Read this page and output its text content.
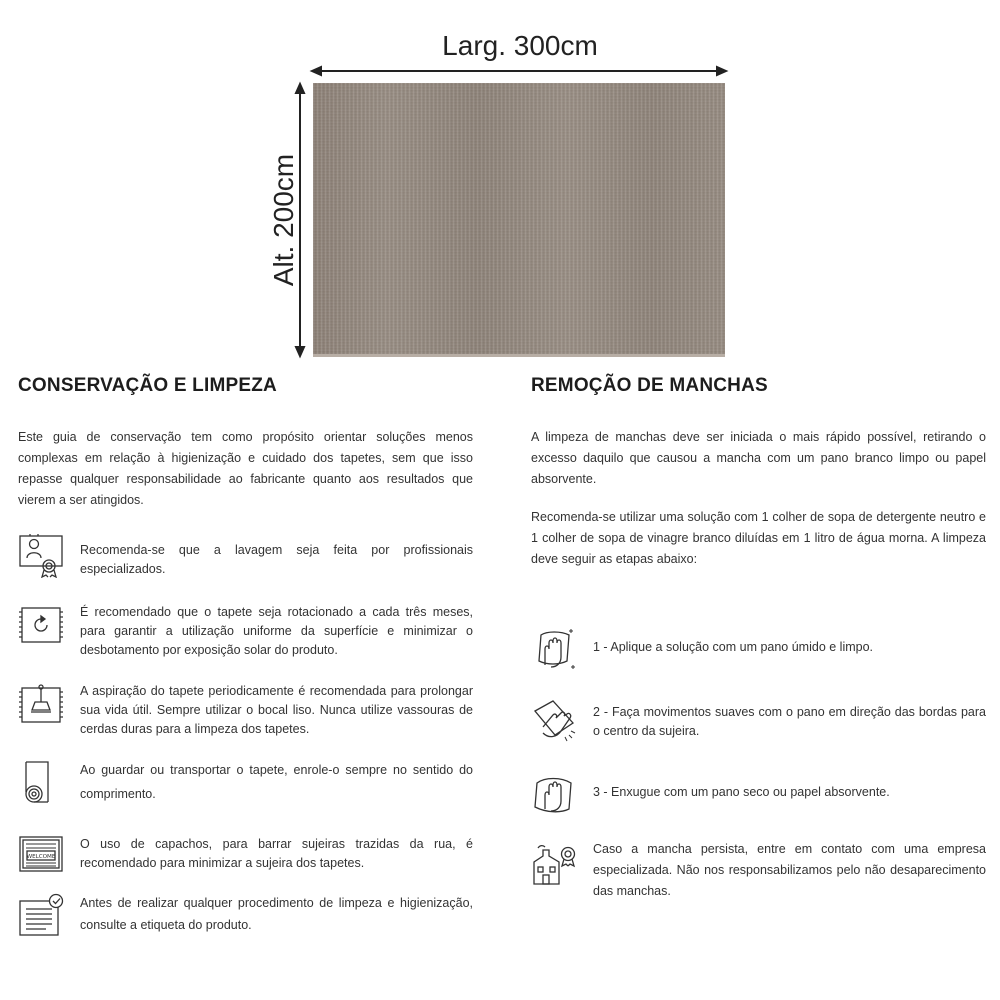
Larg. 300cm
Alt. 200cm
CONSERVAÇÃO E LIMPEZA

Este guia de conservação tem como propósito orientar soluções menos complexas em relação à higienização e cuidado dos tapetes, sem que isso repasse qualquer responsabilidade ao fabricante quanto aos resultados que vierem a ser atingidos.

Recomenda-se que a lavagem seja feita por profissionais especializados.
É recomendado que o tapete seja rotacionado a cada três meses, para garantir a utilização uniforme da superfície e minimizar o desbotamento por exposição solar do produto.
A aspiração do tapete periodicamente é recomendada para prolongar sua vida útil. Sempre utilizar o bocal liso. Nunca utilize vassouras de cerdas duras para a limpeza dos tapetes.
Ao guardar ou transportar o tapete, enrole-o sempre no sentido do comprimento.
WELCOME
O uso de capachos, para barrar sujeiras trazidas da rua, é recomendado para minimizar a sujeira dos tapetes.
Antes de realizar qualquer procedimento de limpeza e higienização, consulte a etiqueta do produto.
REMOÇÃO DE MANCHAS

A limpeza de manchas deve ser iniciada o mais rápido possível, retirando o excesso daquilo que causou a mancha com um pano branco limpo ou papel absorvente.

Recomenda-se utilizar uma solução com 1 colher de sopa de detergente neutro e 1 colher de sopa de vinagre branco diluídas em 1 litro de água morna. A limpeza deve seguir as etapas abaixo:

1 - Aplique a solução com um pano úmido e limpo.
2 - Faça movimentos suaves com o pano em direção das bordas para o centro da sujeira.
3 - Enxugue com um pano seco ou papel absorvente.
Caso a mancha persista, entre em contato com uma empresa especializada. Não nos responsabilizamos pelo não desaparecimento das manchas.
